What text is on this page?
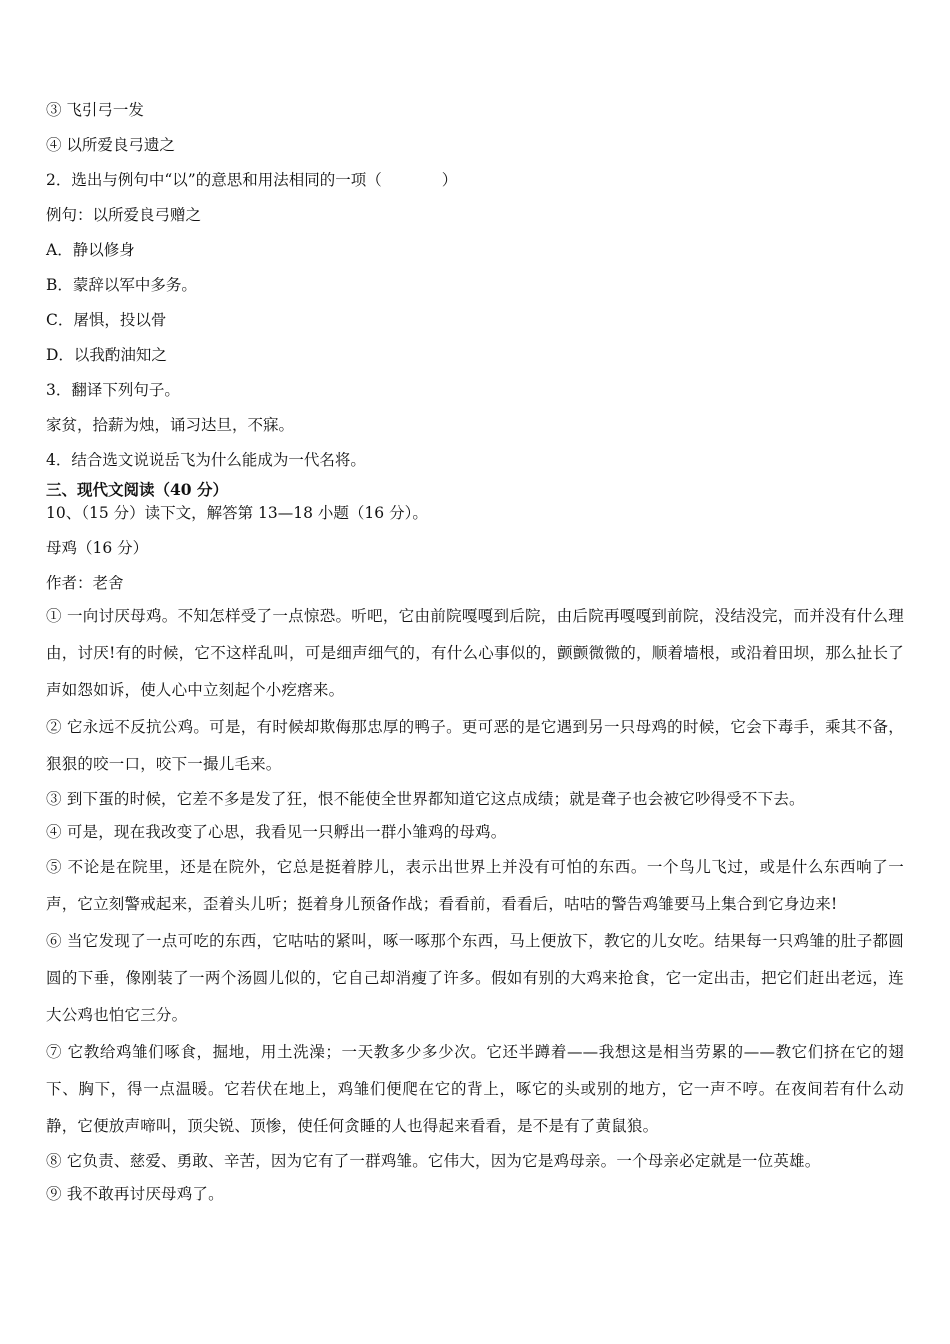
③ 飞引弓一发

④ 以所爱良弓遗之

2．选出与例句中“以”的意思和用法相同的一项（	）

例句：以所爱良弓赠之

A．静以修身

B．蒙辞以军中多务。

C．屠惧，投以骨

D．以我酌油知之

3．翻译下列句子。

家贫，拾薪为烛，诵习达旦，不寐。

4．结合选文说说岳飞为什么能成为一代名将。

三、现代文阅读（40 分）

10、（15 分）读下文，解答第 13—18 小题（16 分）。

母鸡（16 分）

作者：老舍

① 一向讨厌母鸡。不知怎样受了一点惊恐。听吧，它由前院嘎嘎到后院，由后院再嘎嘎到前院，没结没完，而并没有什么理由，讨厌!有的时候，它不这样乱叫，可是细声细气的，有什么心事似的，颤颤微微的，顺着墙根，或沿着田坝，那么扯长了声如怨如诉，使人心中立刻起个小疙瘩来。

② 它永远不反抗公鸡。可是，有时候却欺侮那忠厚的鸭子。更可恶的是它遇到另一只母鸡的时候，它会下毒手，乘其不备，狠狠的咬一口，咬下一撮儿毛来。

③ 到下蛋的时候，它差不多是发了狂，恨不能使全世界都知道它这点成绩；就是聋子也会被它吵得受不下去。

④ 可是，现在我改变了心思，我看见一只孵出一群小雏鸡的母鸡。

⑤ 不论是在院里，还是在院外，它总是挺着脖儿，表示出世界上并没有可怕的东西。一个鸟儿飞过，或是什么东西响了一声，它立刻警戒起来，歪着头儿听；挺着身儿预备作战；看看前，看看后，咕咕的警告鸡雏要马上集合到它身边来!

⑥ 当它发现了一点可吃的东西，它咕咕的紧叫，啄一啄那个东西，马上便放下，教它的儿女吃。结果每一只鸡雏的肚子都圆圆的下垂，像刚装了一两个汤圆儿似的，它自己却消瘦了许多。假如有别的大鸡来抢食，它一定出击，把它们赶出老远，连大公鸡也怕它三分。

⑦ 它教给鸡雏们啄食，掘地，用土洗澡；一天教多少多少次。它还半蹲着——我想这是相当劳累的——教它们挤在它的翅下、胸下，得一点温暖。它若伏在地上，鸡雏们便爬在它的背上，啄它的头或别的地方，它一声不哼。在夜间若有什么动静，它便放声啼叫，顶尖锐、顶惨，使任何贪睡的人也得起来看看，是不是有了黄鼠狼。

⑧ 它负责、慈爱、勇敢、辛苦，因为它有了一群鸡雏。它伟大，因为它是鸡母亲。一个母亲必定就是一位英雄。

⑨ 我不敢再讨厌母鸡了。
